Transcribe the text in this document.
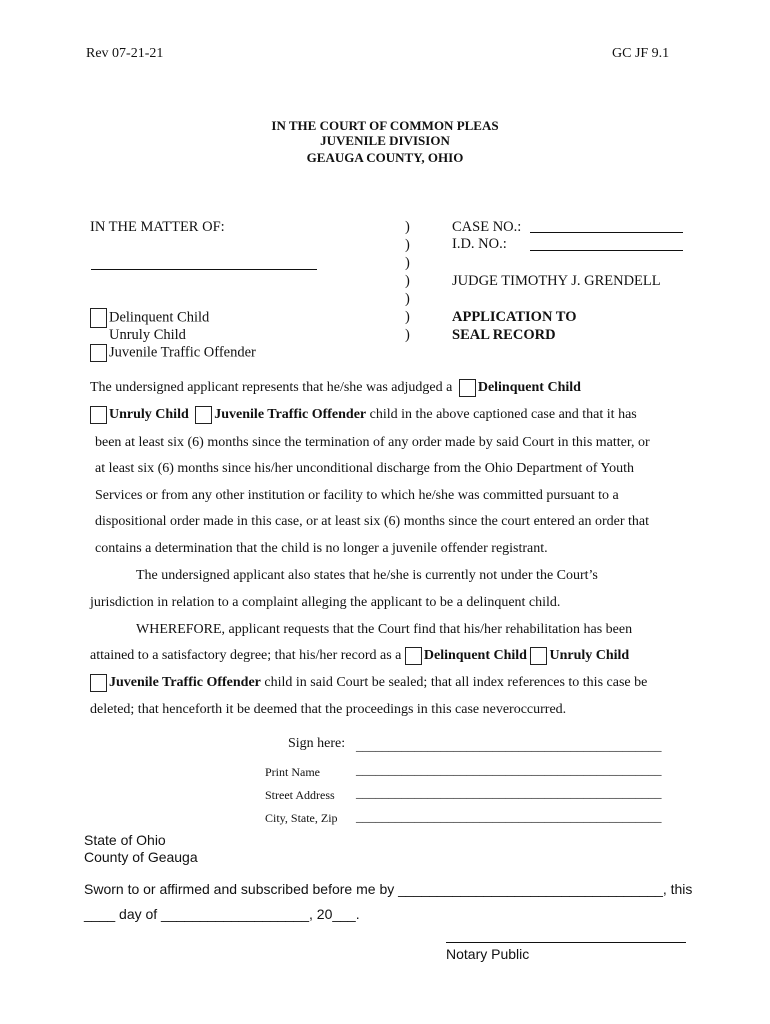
Rev 07-21-21	GC JF 9.1
IN THE COURT OF COMMON PLEAS
JUVENILE DIVISION
GEAUGA COUNTY, OHIO
IN THE MATTER OF:
Delinquent Child
Unruly Child
Juvenile Traffic Offender
)
)
)
)
)
)
)
CASE NO.:
I.D. NO.:
JUDGE TIMOTHY J. GRENDELL
APPLICATION TO
SEAL RECORD
The undersigned applicant represents that he/she was adjudged a Delinquent Child
Unruly Child Juvenile Traffic Offender child in the above captioned case and that it has
been at least six (6) months since the termination of any order made by said Court in this matter, or
at least six (6) months since his/her unconditional discharge from the Ohio Department of Youth
Services or from any other institution or facility to which he/she was committed pursuant to a
dispositional order made in this case, or at least six (6) months since the court entered an order that
contains a determination that the child is no longer a juvenile offender registrant.
The undersigned applicant also states that he/she is currently not under the Court’s
jurisdiction in relation to a complaint alleging the applicant to be a delinquent child.
WHEREFORE, applicant requests that the Court find that his/her rehabilitation has been
attained to a satisfactory degree; that his/her record as a Delinquent Child Unruly Child
Juvenile Traffic Offender child in said Court be sealed; that all index references to this case be
deleted; that henceforth it be deemed that the proceedings in this case neveroccurred.
Sign here: _______________________________________________
Print Name	_______________________________________________
Street Address _______________________________________________
City, State, Zip _______________________________________________
State of Ohio
County of Geauga
Sworn to or affirmed and subscribed before me by __________________________________, this
____ day of ___________________, 20___.
Notary Public
